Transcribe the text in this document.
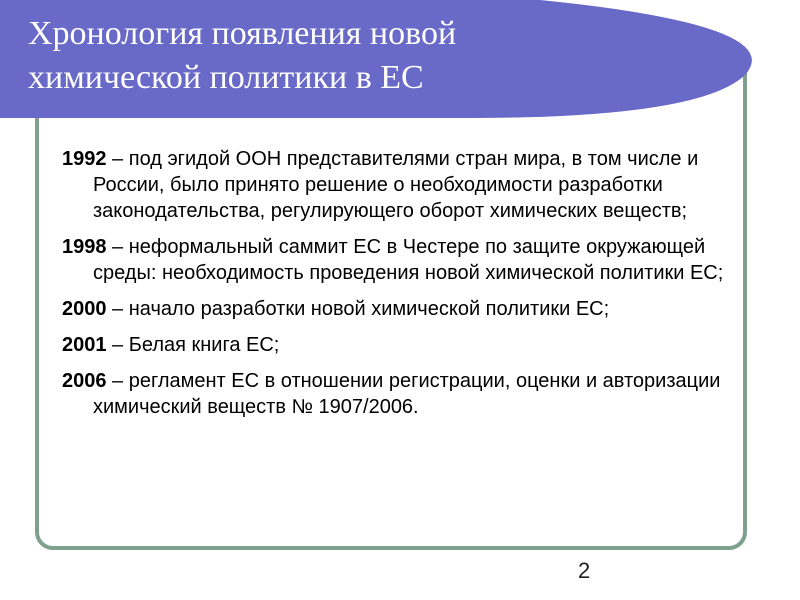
Хронология появления новой
химической политики в ЕС
1992 – под эгидой ООН представителями стран мира, в том числе и России, было принято решение о необходимости разработки законодательства, регулирующего оборот химических веществ;
1998 – неформальный саммит ЕС в Честере по защите окружающей среды: необходимость проведения новой химической политики ЕС;
2000 – начало разработки новой химической политики ЕС;
2001 – Белая книга ЕС;
2006 – регламент ЕС в отношении регистрации, оценки и авторизации химический веществ № 1907/2006.
2
